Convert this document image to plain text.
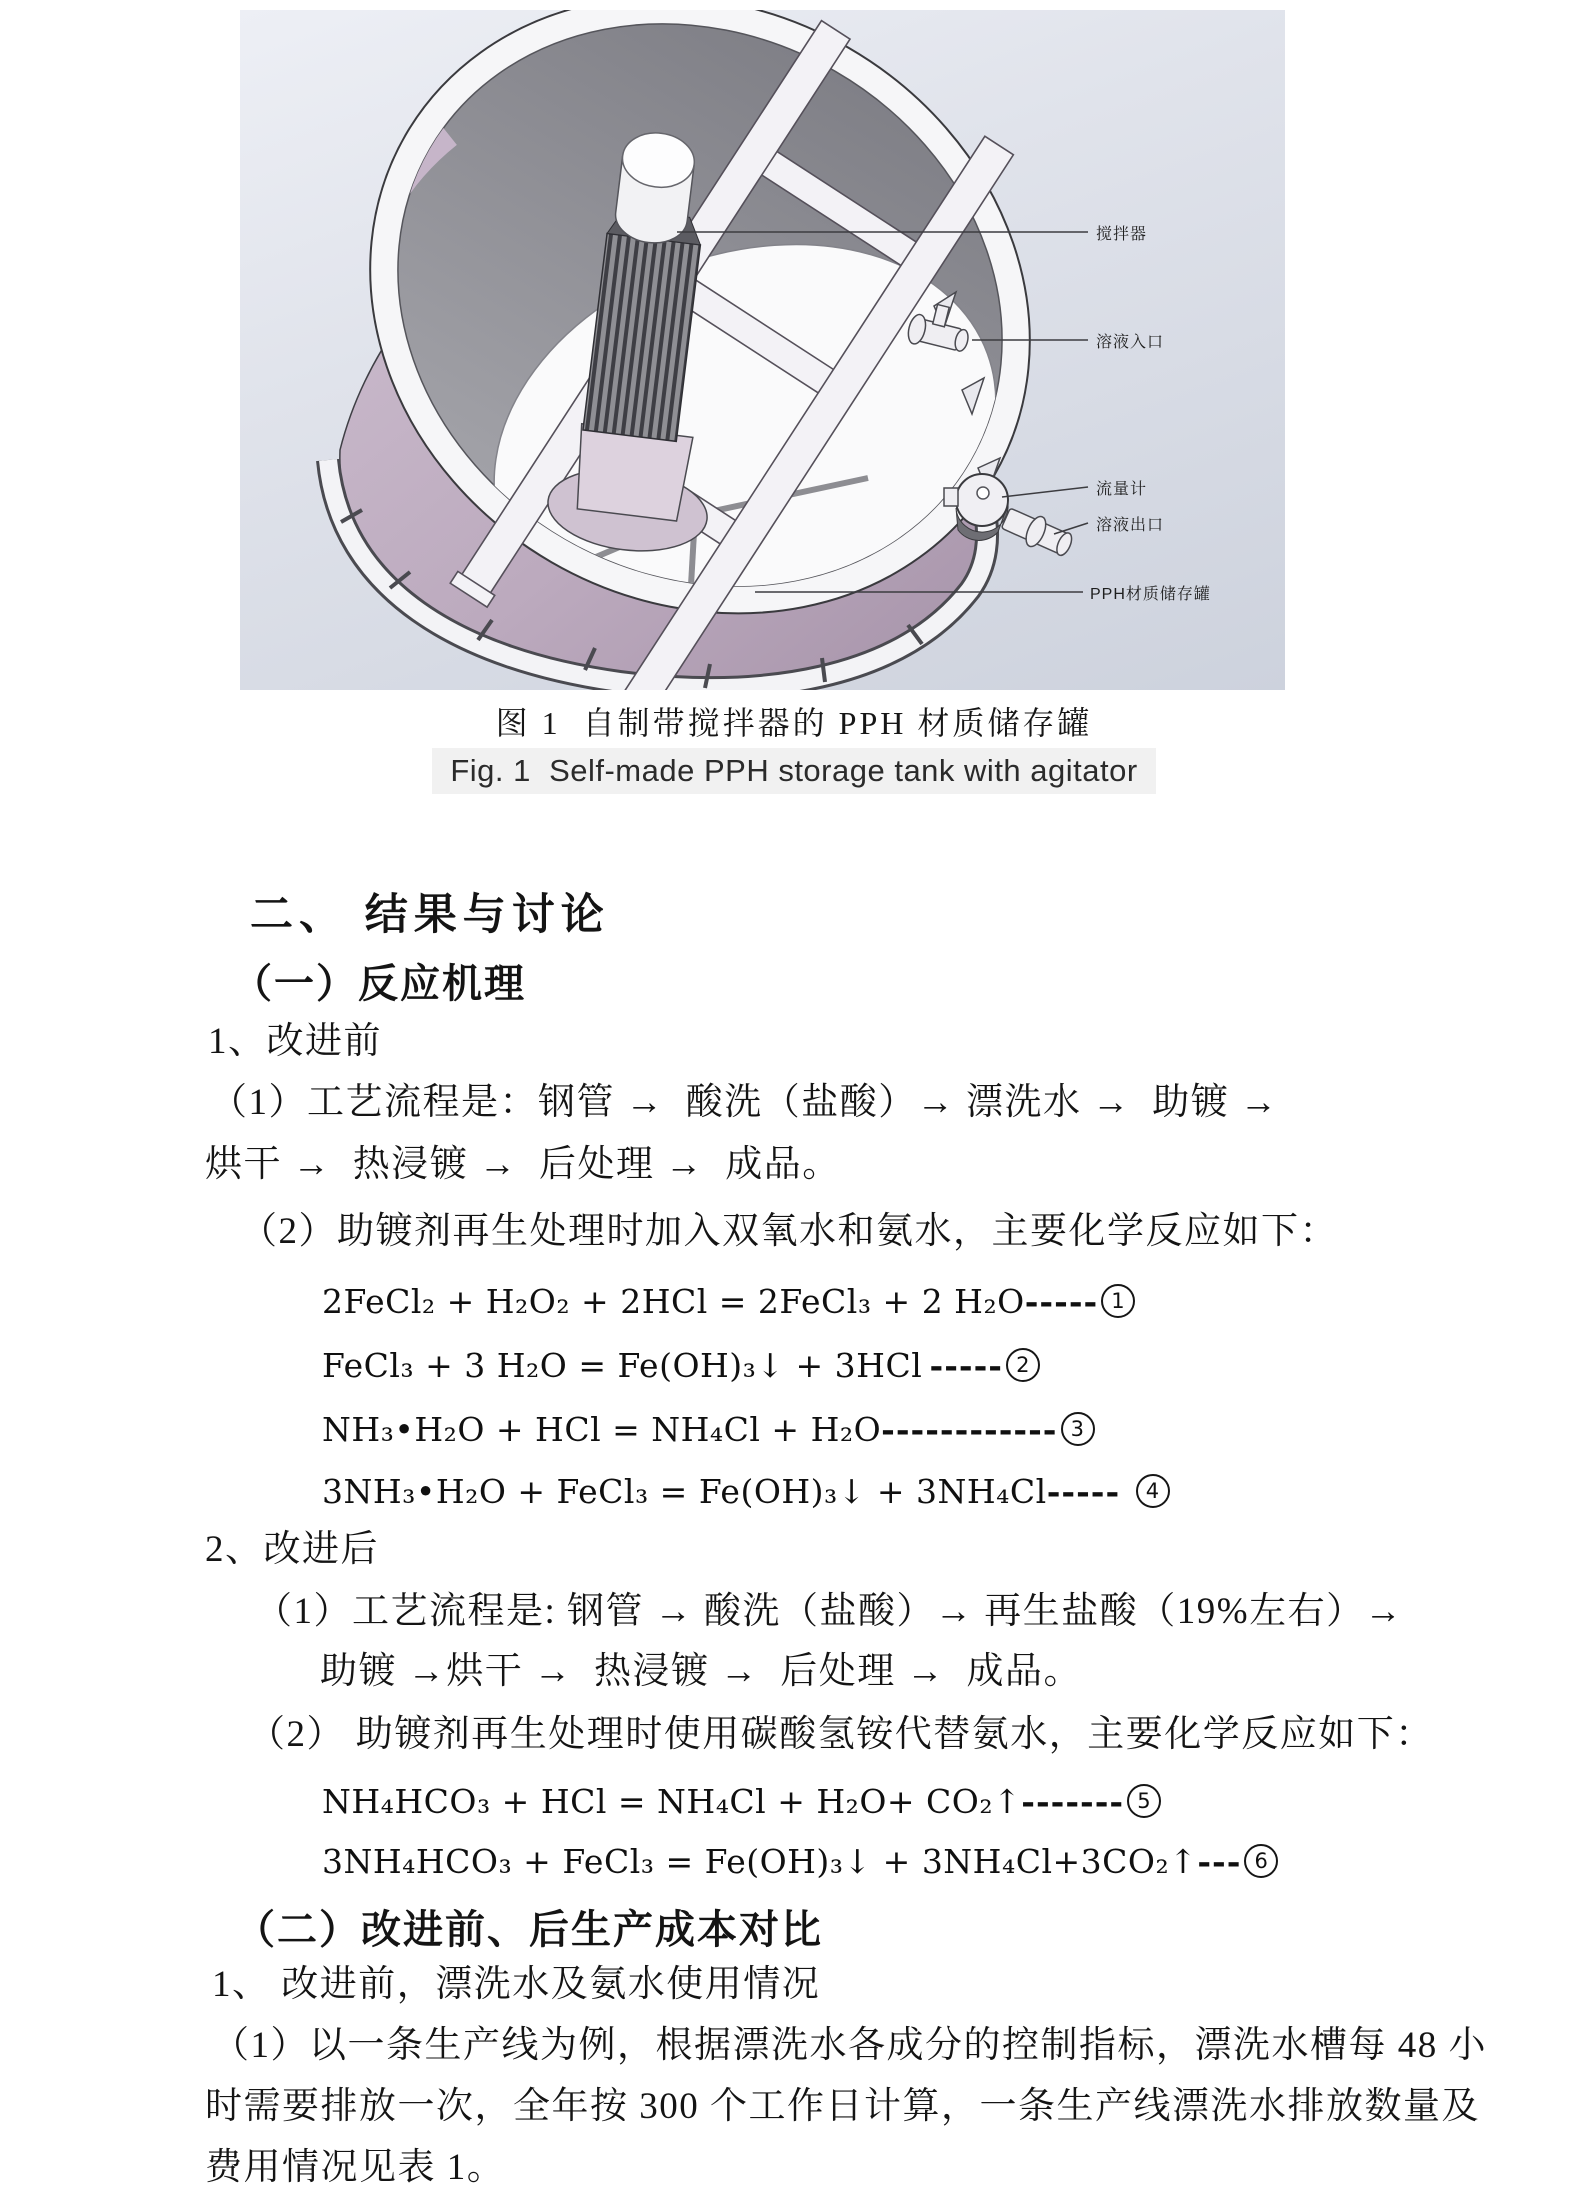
搅拌器
溶液入口
流量计
溶液出口
PPH材质储存罐
图 1  自制带搅拌器的 PPH 材质储存罐
Fig. 1  Self-made PPH storage tank with agitator
二、 结果与讨论
（一）反应机理
1、改进前
（1）工艺流程是：钢管 →  酸洗（盐酸）→ 漂洗水 →  助镀 →
烘干 →  热浸镀 →  后处理 →  成品。
（2）助镀剂再生处理时加入双氧水和氨水，主要化学反应如下：
2FeCl₂ + H₂O₂ + 2HCl = 2FeCl₃ + 2 H₂O ----- 1
FeCl₃ + 3 H₂O = Fe(OH)₃↓ + 3HCl ----- 2
NH₃•H₂O + HCl = NH₄Cl + H₂O ------------ 3
3NH₃•H₂O + FeCl₃ = Fe(OH)₃↓ + 3NH₄Cl ----- 4
2、改进后
（1）工艺流程是: 钢管 → 酸洗（盐酸）→ 再生盐酸（19%左右）→
助镀 →烘干 →  热浸镀 →  后处理 →  成品。
（2） 助镀剂再生处理时使用碳酸氢铵代替氨水，主要化学反应如下：
NH₄HCO₃ + HCl = NH₄Cl + H₂O+ CO₂↑ ------- 5
3NH₄HCO₃ + FeCl₃ = Fe(OH)₃↓ + 3NH₄Cl+3CO₂↑ --- 6
（二）改进前、后生产成本对比
1、 改进前，漂洗水及氨水使用情况
（1）以一条生产线为例，根据漂洗水各成分的控制指标，漂洗水槽每 48 小
时需要排放一次，全年按 300 个工作日计算，一条生产线漂洗水排放数量及
费用情况见表 1。
